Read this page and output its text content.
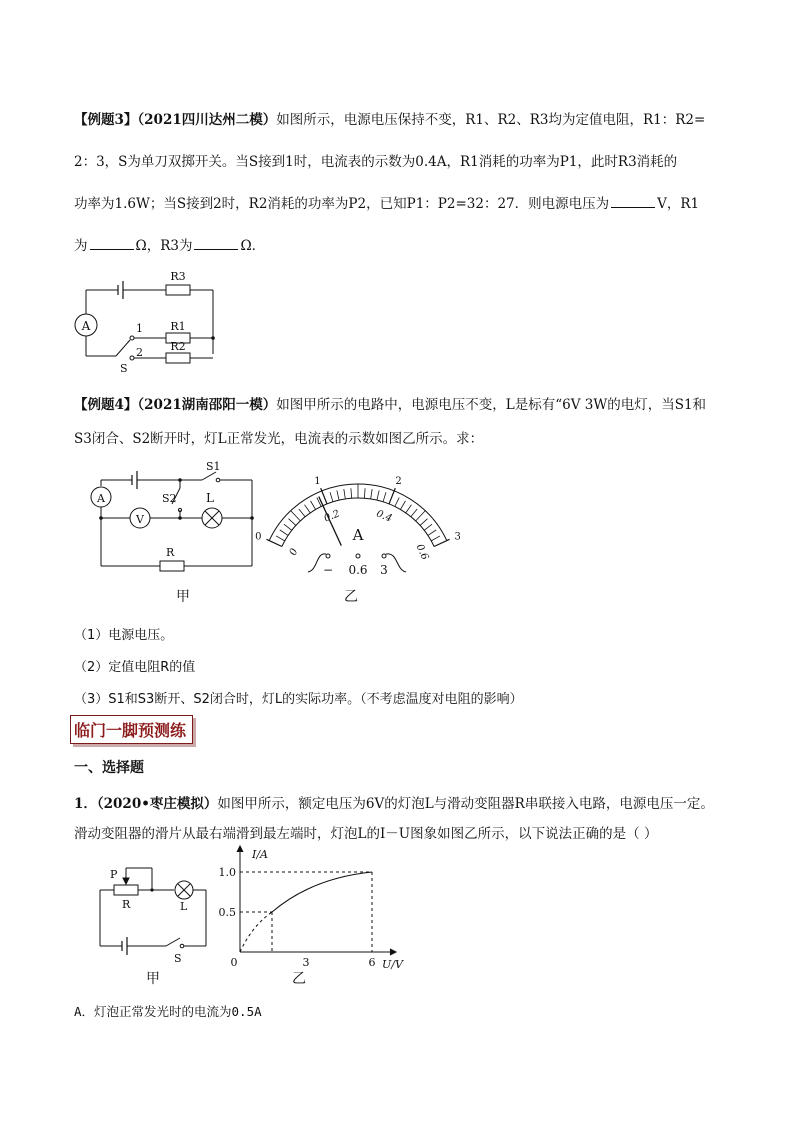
【例题3】（2021四川达州二模）如图所示，电源电压保持不变，R1、R2、R3均为定值电阻，R1：R2=
2：3，S为单刀双掷开关。当S接到1时，电流表的示数为0.4A，R1消耗的功率为P1，此时R3消耗的
功率为1.6W；当S接到2时，R2消耗的功率为P2，已知P1：P2=32：27．则电源电压为	V，R1
为	Ω，R3为	Ω．
A
R3
R1
R2
1
2
S
【例题4】（2021湖南邵阳一模）如图甲所示的电路中，电源电压不变，L是标有“6V 3W的电灯，当S1和
S3闭合、S2断开时，灯L正常发光，电流表的示数如图乙所示。求：
A
V
S1
S2 L
R
甲
0
1	2
3
0
0.2	0.4
0.6
A
− 0.6 3
乙
（1）电源电压。
（2）定值电阻R的值
（3）S1和S3断开、S2闭合时，灯L的实际功率。（不考虑温度对电阻的影响）
临门一脚预测练
一、选择题
1．（2020•枣庄模拟）如图甲所示，额定电压为6V的灯泡L与滑动变阻器R串联接入电路，电源电压一定。
滑动变阻器的滑片从最右端滑到最左端时，灯泡L的I－U图象如图乙所示，以下说法正确的是（ ）
P
R	L
S
甲
I/A
U/V
1.0
0.5
0	3	6
乙
A．灯泡正常发光时的电流为0.5A
